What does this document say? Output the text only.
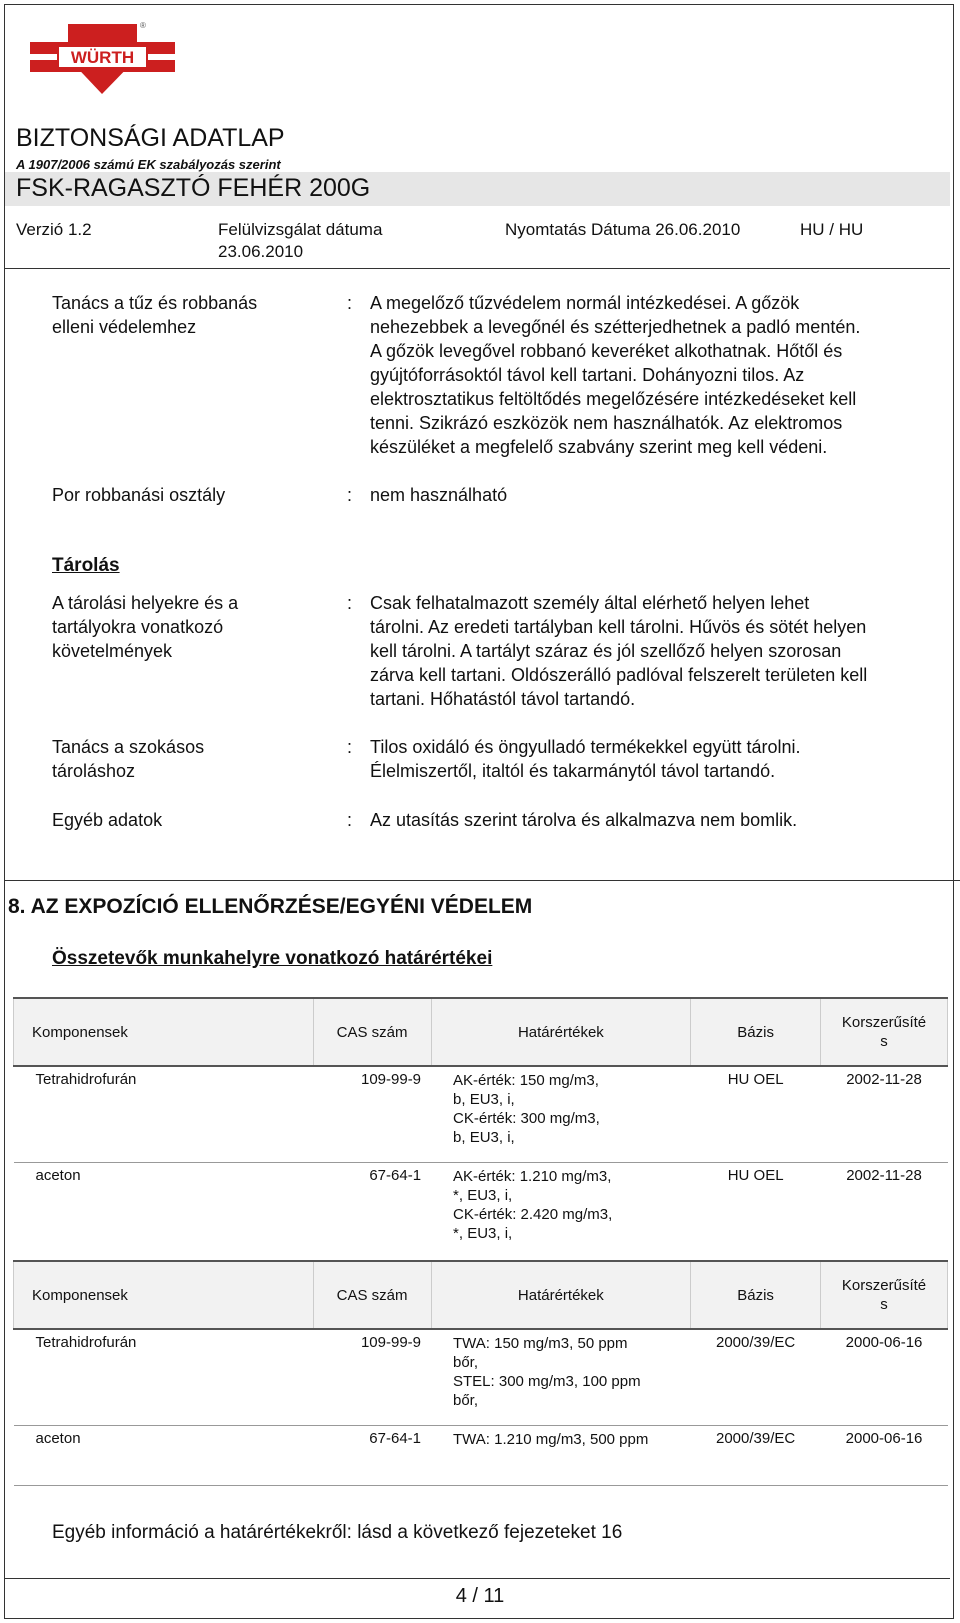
WÜRTH
®
BIZTONSÁGI ADATLAP
A 1907/2006 számú EK szabályozás szerint
FSK-RAGASZTÓ FEHÉR 200G
Verzió 1.2	Felülvizsgálat dátuma
23.06.2010
Nyomtatás Dátuma 26.06.2010	HU / HU
Tanács a tűz és robbanás
elleni védelemhez
: A megelőző tűzvédelem normál intézkedései. A gőzök
nehezebbek a levegőnél és szétterjedhetnek a padló mentén.
A gőzök levegővel robbanó keveréket alkothatnak. Hőtől és
gyújtóforrásoktól távol kell tartani. Dohányozni tilos. Az
elektrosztatikus feltöltődés megelőzésére intézkedéseket kell
tenni. Szikrázó eszközök nem használhatók. Az elektromos
készüléket a megfelelő szabvány szerint meg kell védeni.
Por robbanási osztály	: nem használható
Tárolás
A tárolási helyekre és a
tartályokra vonatkozó
követelmények
: Csak felhatalmazott személy által elérhető helyen lehet
tárolni. Az eredeti tartályban kell tárolni. Hűvös és sötét helyen
kell tárolni. A tartályt száraz és jól szellőző helyen szorosan
zárva kell tartani. Oldószerálló padlóval felszerelt területen kell
tartani. Hőhatástól távol tartandó.
Tanács a szokásos
tároláshoz
: Tilos oxidáló és öngyulladó termékekkel együtt tárolni.
Élelmiszertől, italtól és takarmánytól távol tartandó.
Egyéb adatok	: Az utasítás szerint tárolva és alkalmazva nem bomlik.
8. AZ EXPOZÍCIÓ ELLENŐRZÉSE/EGYÉNI VÉDELEM
Összetevők munkahelyre vonatkozó határértékei
Komponensek	CAS szám	Határértékek	Bázis	Korszerűsíté
s

Tetrahidrofurán	109-99-9	AK-érték: 150 mg/m3,
b, EU3, i,
CK-érték: 300 mg/m3,
b, EU3, i,	HU OEL	2002-11-28
aceton	67-64-1	AK-érték: 1.210 mg/m3,
*, EU3, i,
CK-érték: 2.420 mg/m3,
*, EU3, i,	HU OEL	2002-11-28
Komponensek	CAS szám	Határértékek	Bázis	Korszerűsíté
s

Tetrahidrofurán	109-99-9	TWA: 150 mg/m3, 50 ppm
bőr,
STEL: 300 mg/m3, 100 ppm
bőr,	2000/39/EC	2000-06-16
aceton	67-64-1	TWA: 1.210 mg/m3, 500 ppm	2000/39/EC	2000-06-16
Egyéb információ a határértékekről: lásd a következő fejezeteket 16
4 / 11
